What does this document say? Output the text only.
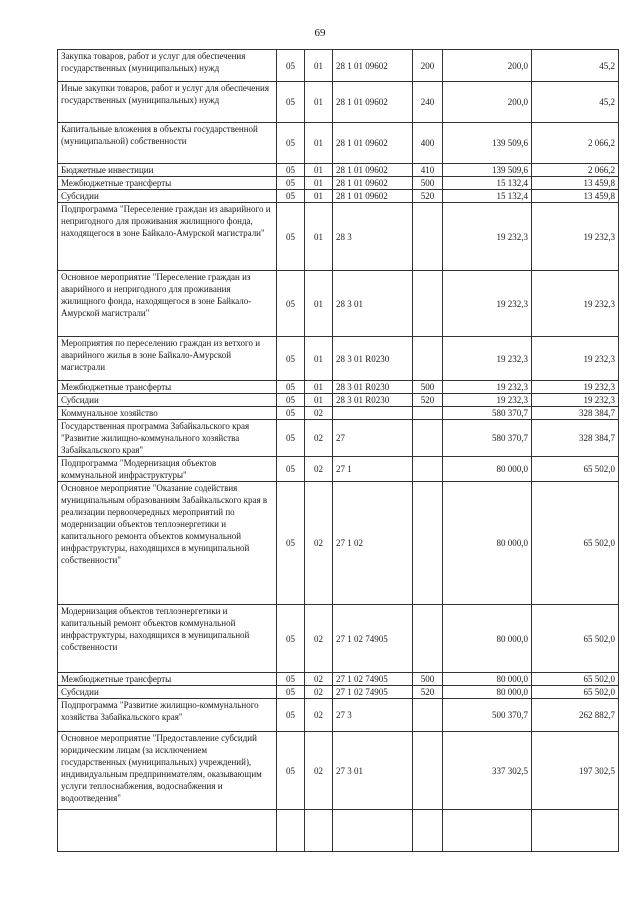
69
Закупка товаров, работ и услуг для обеспечения государственных (муниципальных) нужд	05	01	28 1 01 09602	200	200,0	45,2
Иные закупки товаров, работ и услуг для обеспечения государственных (муниципальных) нужд	05	01	28 1 01 09602	240	200,0	45,2
Капитальные вложения в объекты государственной (муниципальной) собственности	05	01	28 1 01 09602	400	139 509,6	2 066,2
Бюджетные инвестиции	05	01	28 1 01 09602	410	139 509,6	2 066,2
Межбюджетные трансферты	05	01	28 1 01 09602	500	15 132,4	13 459,8
Субсидии	05	01	28 1 01 09602	520	15 132,4	13 459,8
Подпрограмма "Переселение граждан из аварийного и непригодного для проживания жилищного фонда, находящегося в зоне Байкало-Амурской магистрали"	05	01	28 3		19 232,3	19 232,3
Основное мероприятие "Переселение граждан из аварийного и непригодного для проживания жилищного фонда, находящегося в зоне Байкало-Амурской магистрали"	05	01	28 3 01		19 232,3	19 232,3
Мероприятия по переселению граждан из ветхого и аварийного жилья в зоне Байкало-Амурской магистрали	05	01	28 3 01 R0230		19 232,3	19 232,3
Межбюджетные трансферты	05	01	28 3 01 R0230	500	19 232,3	19 232,3
Субсидии	05	01	28 3 01 R0230	520	19 232,3	19 232,3
Коммунальное хозяйство	05	02			580 370,7	328 384,7
Государственная программа Забайкальского края "Развитие жилищно-коммунального хозяйства Забайкальского края"	05	02	27		580 370,7	328 384,7
Подпрограмма "Модернизация объектов коммунальной инфраструктуры"	05	02	27 1		80 000,0	65 502,0
Основное мероприятие "Оказание содействия муниципальным образованиям Забайкальского края в реализации первоочередных мероприятий по модернизации объектов теплоэнергетики и капитального ремонта объектов коммунальной инфраструктуры, находящихся в муниципальной собственности"	05	02	27 1 02		80 000,0	65 502,0
Модернизация объектов теплоэнергетики и капитальный ремонт объектов коммунальной инфраструктуры, находящихся в муниципальной собственности	05	02	27 1 02 74905		80 000,0	65 502,0
Межбюджетные трансферты	05	02	27 1 02 74905	500	80 000,0	65 502,0
Субсидии	05	02	27 1 02 74905	520	80 000,0	65 502,0
Подпрограмма "Развитие жилищно-коммунального хозяйства Забайкальского края"	05	02	27 3		500 370,7	262 882,7
Основное мероприятие "Предоставление субсидий юридическим лицам (за исключением государственных (муниципальных) учреждений), индивидуальным предпринимателям, оказывающим услуги теплоснабжения, водоснабжения и водоотведения"	05	02	27 3 01		337 302,5	197 302,5
